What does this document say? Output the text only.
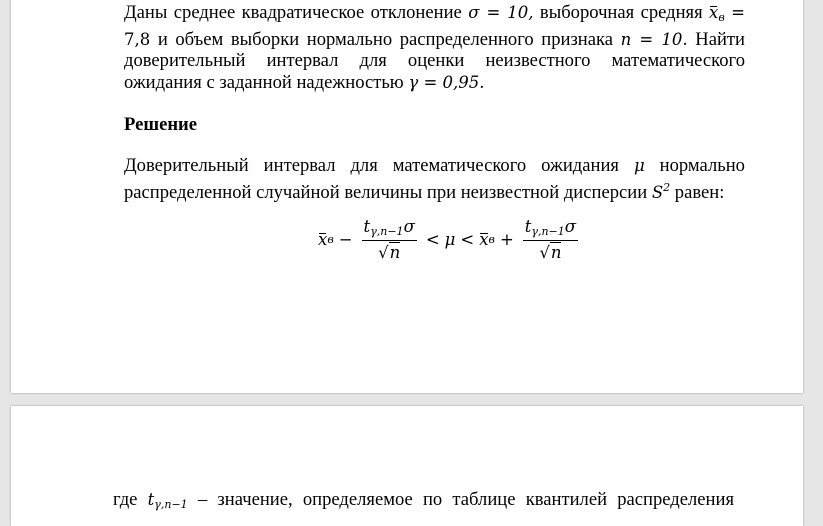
Даны среднее квадратическое отклонение σ = 10, выборочная средняя $x_в = 7,8$ и объем выборки нормально распределенного признака n = 10. Найти доверительный интервал для оценки неизвестного математического ожидания с заданной надежностью γ = 0,95.
Решение
Доверительный интервал для математического ожидания μ нормально распределенной случайной величины при неизвестной дисперсии $S^2$ равен:
x $в - \frac{t_{\gamma,n-1}\sigma}{√n} < \mu < x$ $в + \frac{t_{\gamma,n-1}\sigma}{√n}$
где $t_{\gamma,n-1}$ – значение, определяемое по таблице квантилей распределения
